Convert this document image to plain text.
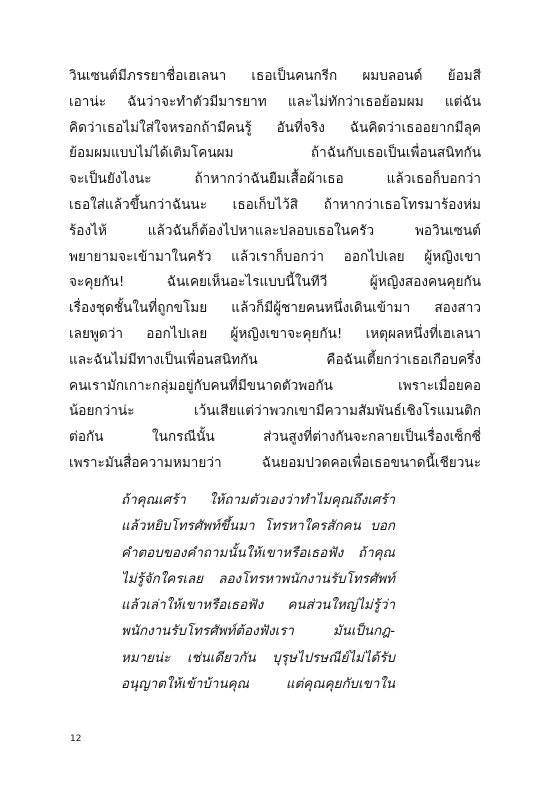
วินเซนต์มีภรรยาชื่อเฮเลนา เธอเป็นคนกรีก ผมบลอนด์ ย้อมสี
เอาน่ะ ฉันว่าจะทำตัวมีมารยาท และไม่ทักว่าเธอย้อมผม แต่ฉัน
คิดว่าเธอไม่ใส่ใจหรอกถ้ามีคนรู้ อันที่จริง ฉันคิดว่าเธออยากมีลุค
ย้อมผมแบบไม่ได้เติมโคนผม ถ้าฉันกับเธอเป็นเพื่อนสนิทกัน
จะเป็นยังไงนะ ถ้าหากว่าฉันยืมเสื้อผ้าเธอ แล้วเธอก็บอกว่า
เธอใส่แล้วขึ้นกว่าฉันนะ เธอเก็บไว้สิ ถ้าหากว่าเธอโทรมาร้องห่ม
ร้องไห้ แล้วฉันก็ต้องไปหาและปลอบเธอในครัว พอวินเซนต์
พยายามจะเข้ามาในครัว แล้วเราก็บอกว่า ออกไปเลย ผู้หญิงเขา
จะคุยกัน! ฉันเคยเห็นอะไรแบบนี้ในทีวี ผู้หญิงสองคนคุยกัน
เรื่องชุดชั้นในที่ถูกขโมย แล้วก็มีผู้ชายคนหนึ่งเดินเข้ามา สองสาว
เลยพูดว่า ออกไปเลย ผู้หญิงเขาจะคุยกัน! เหตุผลหนึ่งที่เฮเลนา
และฉันไม่มีทางเป็นเพื่อนสนิทกัน คือฉันเตี้ยกว่าเธอเกือบครึ่ง
คนเรามักเกาะกลุ่มอยู่กับคนที่มีขนาดตัวพอกัน เพราะเมื่อยคอ
น้อยกว่าน่ะ เว้นเสียแต่ว่าพวกเขามีความสัมพันธ์เชิงโรแมนติก
ต่อกัน ในกรณีนั้น ส่วนสูงที่ต่างกันจะกลายเป็นเรื่องเซ็กซี่
เพราะมันสื่อความหมายว่า ฉันยอมปวดคอเพื่อเธอขนาดนี้เชียวนะ
ถ้าคุณเศร้า ให้ถามตัวเองว่าทำไมคุณถึงเศร้า
แล้วหยิบโทรศัพท์ขึ้นมา โทรหาใครสักคน บอก
คำตอบของคำถามนั้นให้เขาหรือเธอฟัง ถ้าคุณ
ไม่รู้จักใครเลย ลองโทรหาพนักงานรับโทรศัพท์
แล้วเล่าให้เขาหรือเธอฟัง คนส่วนใหญ่ไม่รู้ว่า
พนักงานรับโทรศัพท์ต้องฟังเรา มันเป็นกฎ-
หมายน่ะ เช่นเดียวกัน บุรุษไปรษณีย์ไม่ได้รับ
อนุญาตให้เข้าบ้านคุณ แต่คุณคุยกับเขาใน
12
